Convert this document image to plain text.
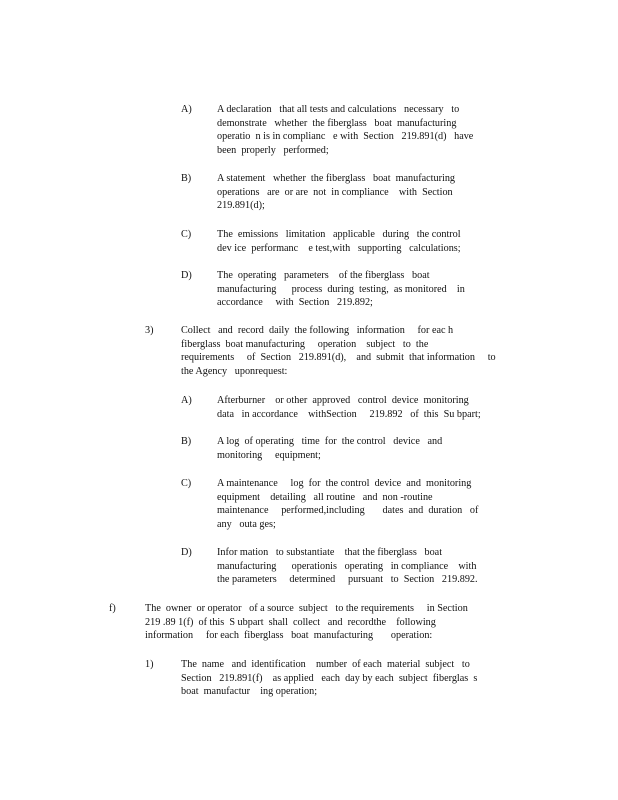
A) A declaration   that all tests and calculations   necessary   to
demonstrate   whether  the fiberglass   boat  manufacturing
operatio  n is in complianc   e with  Section   219.891(d)   have
been  properly   performed;
B)	A statement   whether  the fiberglass   boat  manufacturing
operations   are  or are  not  in compliance    with  Section
219.891(d);
C)	The  emissions   limitation   applicable   during   the control
dev ice  performanc    e test,with   supporting   calculations;
D) The  operating   parameters    of the fiberglass   boat
manufacturing      process  during  testing,  as monitored    in
accordance     with  Section   219.892;
3)	Collect   and  record  daily  the following   information     for eac h
fiberglass  boat manufacturing     operation    subject   to  the
requirements     of  Section   219.891(d),    and  submit  that information     to
the Agency   uponrequest:
A) Afterburner    or other  approved   control  device  monitoring
data   in accordance    withSection     219.892   of  this  Su bpart;
B)	A log  of operating   time  for  the control   device   and
monitoring     equipment;
C)	A maintenance     log  for  the control  device  and  monitoring
equipment    detailing   all routine   and  non -routine
maintenance     performed,including       dates  and  duration   of
any   outa ges;
D) Infor mation   to substantiate    that the fiberglass   boat
manufacturing      operationis   operating   in compliance    with
the parameters     determined     pursuant   to  Section   219.892.
f)	The  owner  or operator   of a source  subject   to the requirements     in Section
219 .89 1(f)  of this  S ubpart  shall  collect   and  recordthe    following
information     for each  fiberglass   boat  manufacturing       operation:
1)	The  name   and  identification    number  of each  material  subject   to
Section   219.891(f)    as applied   each  day by each  subject  fiberglas  s
boat  manufactur    ing operation;
